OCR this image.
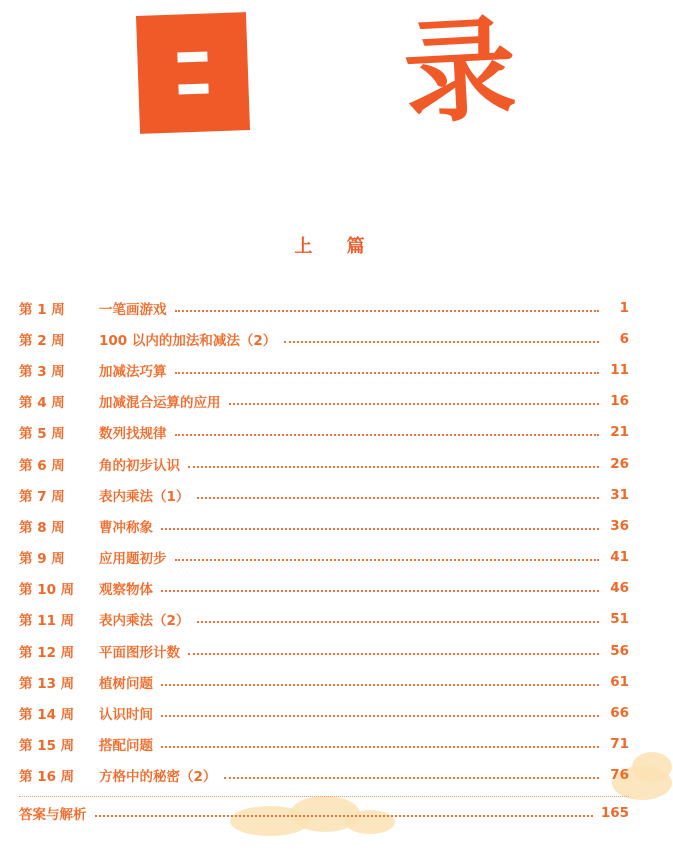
录
上 篇
第 1 周	一笔画游戏	1
第 2 周	100 以内的加法和减法（2）	6
第 3 周	加减法巧算	11
第 4 周	加减混合运算的应用	16
第 5 周	数列找规律	21
第 6 周	角的初步认识	26
第 7 周	表内乘法（1）	31
第 8 周	曹冲称象	36
第 9 周	应用题初步	41
第 10 周	观察物体	46
第 11 周	表内乘法（2）	51
第 12 周	平面图形计数	56
第 13 周	植树问题	61
第 14 周	认识时间	66
第 15 周	搭配问题	71
第 16 周	方格中的秘密（2）	76
答案与解析	165
